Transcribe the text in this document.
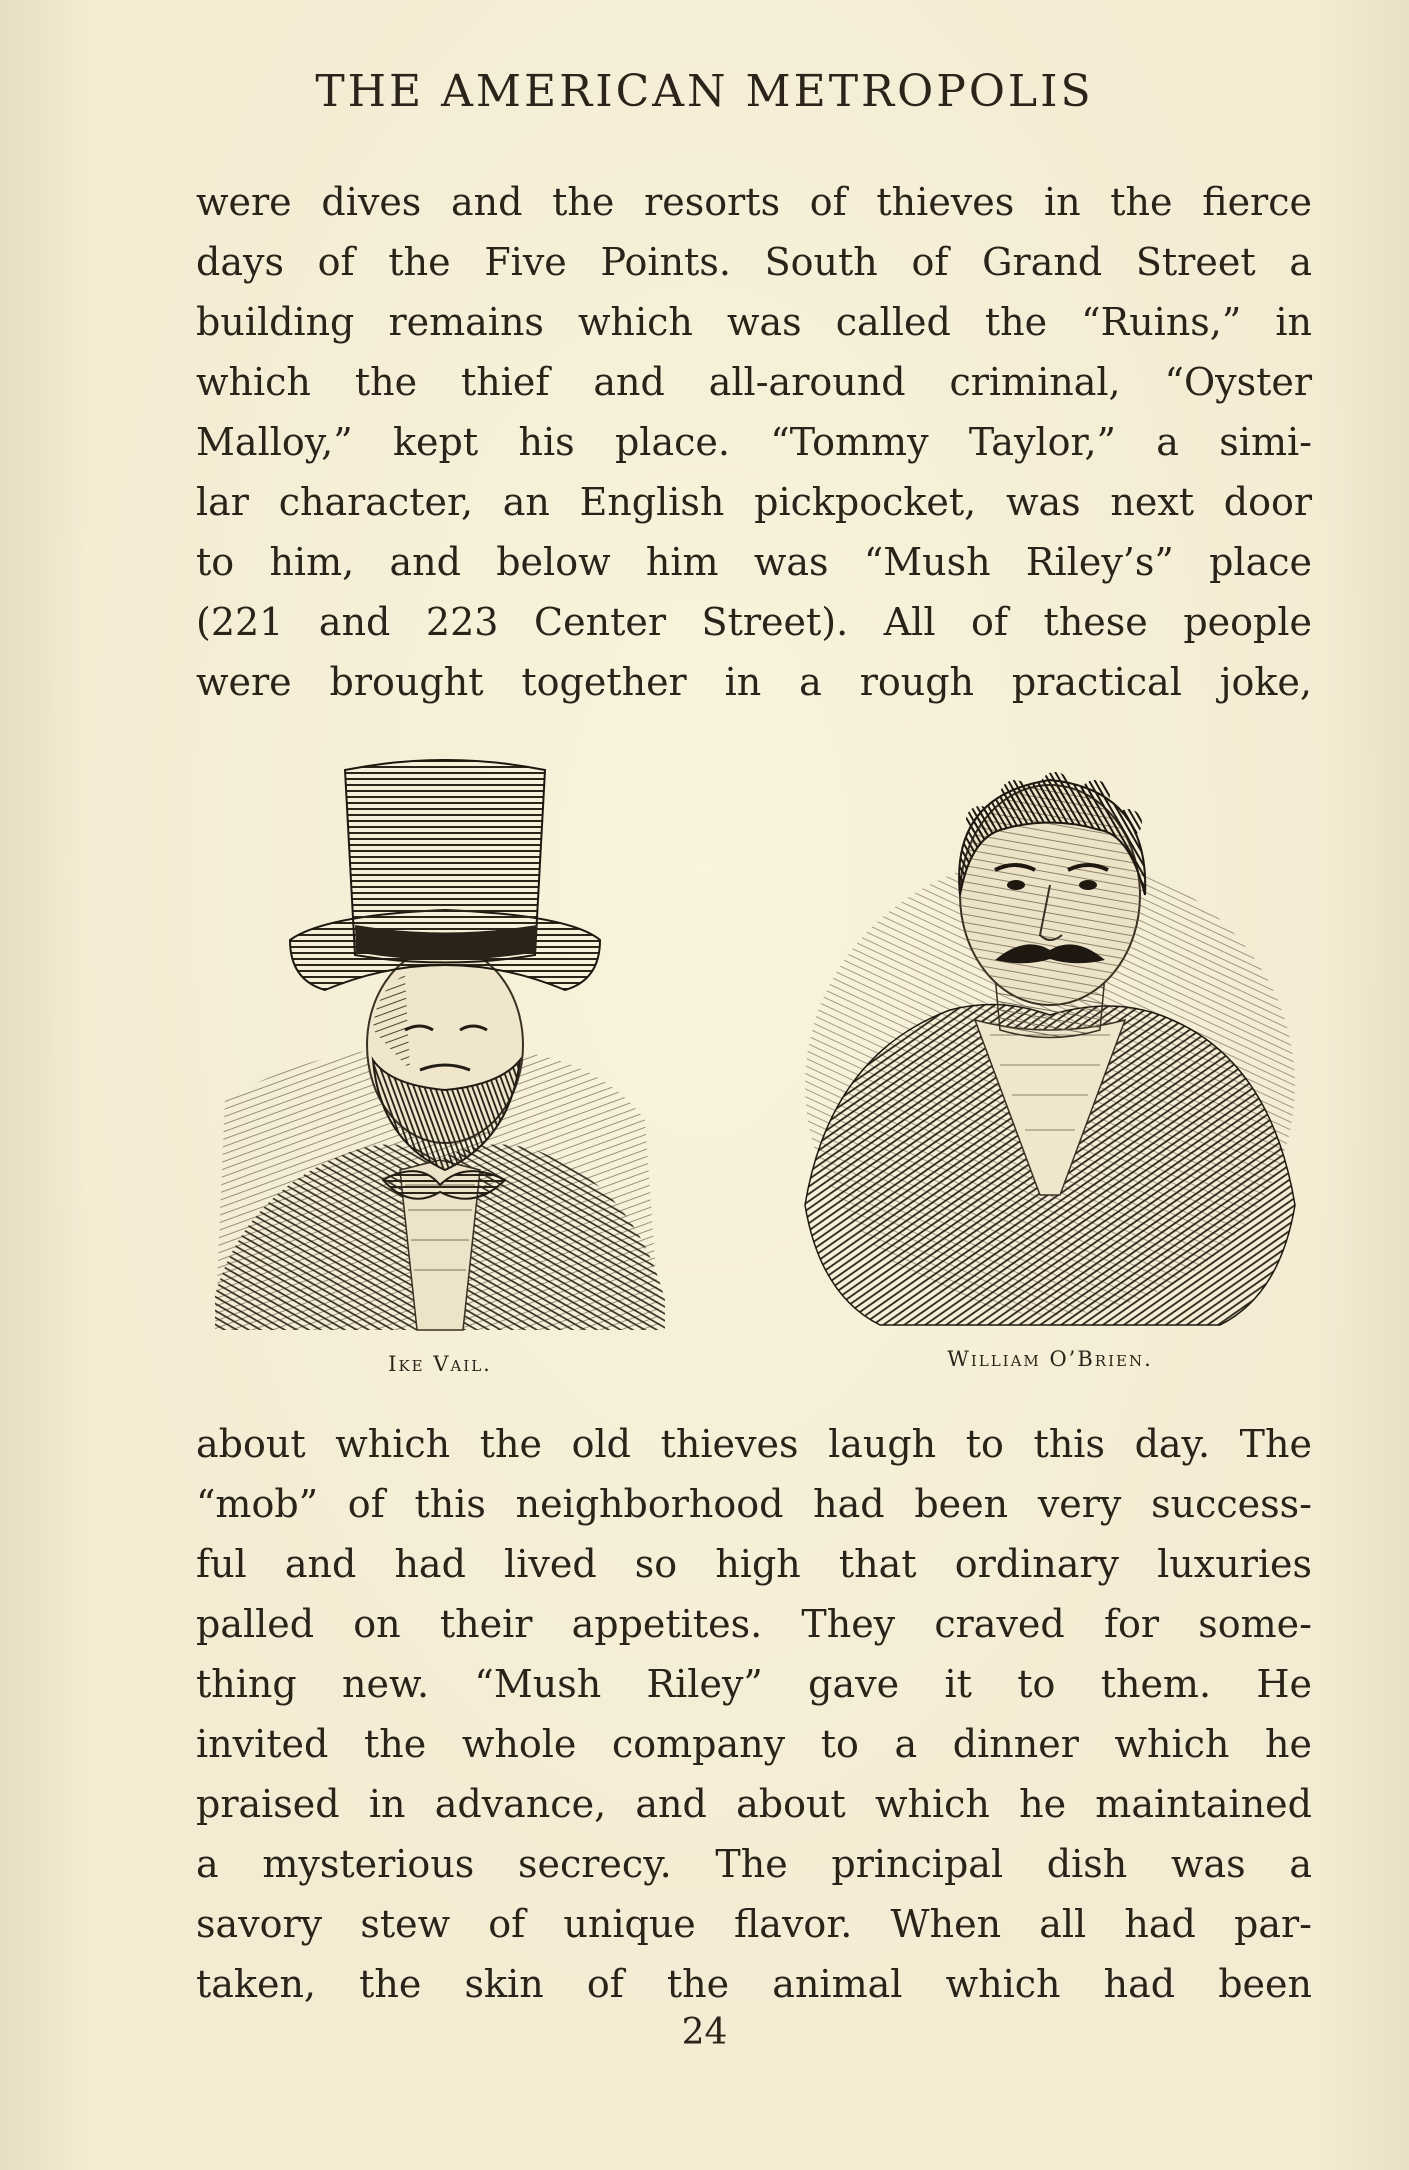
THE AMERICAN METROPOLIS

were dives and the resorts of thieves in the fierce
days of the Five Points. South of Grand Street a
building remains which was called the “Ruins,” in
which the thief and all-around criminal, “Oyster
Malloy,” kept his place. “Tommy Taylor,” a simi-
lar character, an English pickpocket, was next door
to him, and below him was “Mush Riley’s” place
(221 and 223 Center Street). All of these people
were brought together in a rough practical joke,

Ike Vail.	William O’Brien.

about which the old thieves laugh to this day. The
“mob” of this neighborhood had been very success-
ful and had lived so high that ordinary luxuries
palled on their appetites. They craved for some-
thing new. “Mush Riley” gave it to them. He
invited the whole company to a dinner which he
praised in advance, and about which he maintained
a mysterious secrecy. The principal dish was a
savory stew of unique flavor. When all had par-
taken, the skin of the animal which had been

24
